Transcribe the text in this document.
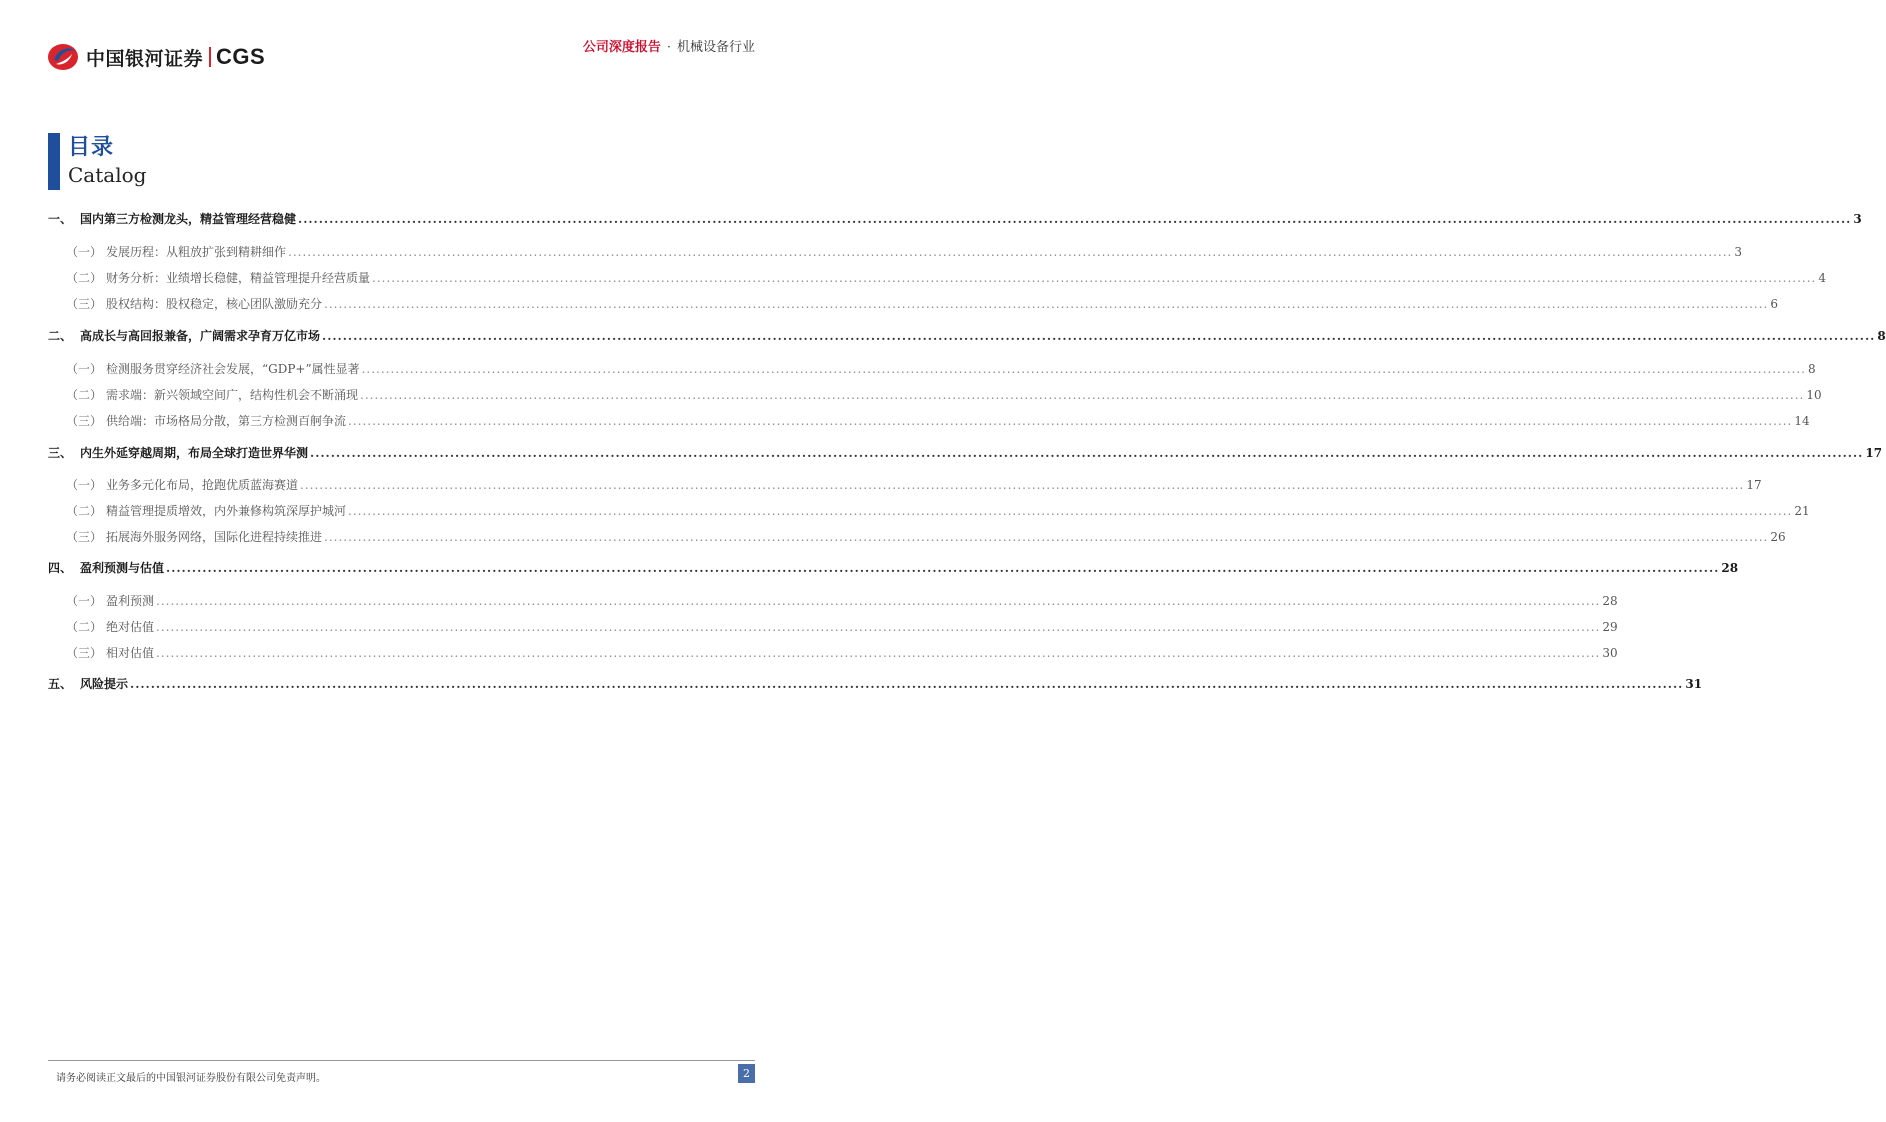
中国银河证券 CGS	公司深度报告 · 机械设备行业
目录
Catalog
一、 国内第三方检测龙头，精益管理经营稳健 ............................................................................................................................................................................................................................................................................................................ 3
（一） 发展历程：从粗放扩张到精耕细作 ............................................................................................................................................................................................................................................................................................................ 3
（二） 财务分析：业绩增长稳健，精益管理提升经营质量 ............................................................................................................................................................................................................................................................................................................ 4
（三） 股权结构：股权稳定，核心团队激励充分 ............................................................................................................................................................................................................................................................................................................ 6
二、 高成长与高回报兼备，广阔需求孕育万亿市场 ............................................................................................................................................................................................................................................................................................................ 8
（一） 检测服务贯穿经济社会发展，“GDP+”属性显著 ............................................................................................................................................................................................................................................................................................................ 8
（二） 需求端：新兴领域空间广，结构性机会不断涌现 ............................................................................................................................................................................................................................................................................................................ 10
（三） 供给端：市场格局分散，第三方检测百舸争流 ............................................................................................................................................................................................................................................................................................................ 14
三、 内生外延穿越周期，布局全球打造世界华测 ............................................................................................................................................................................................................................................................................................................ 17
（一） 业务多元化布局，抢跑优质蓝海赛道 ............................................................................................................................................................................................................................................................................................................ 17
（二） 精益管理提质增效，内外兼修构筑深厚护城河 ............................................................................................................................................................................................................................................................................................................ 21
（三） 拓展海外服务网络，国际化进程持续推进 ............................................................................................................................................................................................................................................................................................................ 26
四、 盈利预测与估值 ............................................................................................................................................................................................................................................................................................................ 28
（一） 盈利预测 ............................................................................................................................................................................................................................................................................................................ 28
（二） 绝对估值 ............................................................................................................................................................................................................................................................................................................ 29
（三） 相对估值 ............................................................................................................................................................................................................................................................................................................ 30
五、 风险提示 ............................................................................................................................................................................................................................................................................................................ 31
请务必阅读正文最后的中国银河证券股份有限公司免责声明。	2
